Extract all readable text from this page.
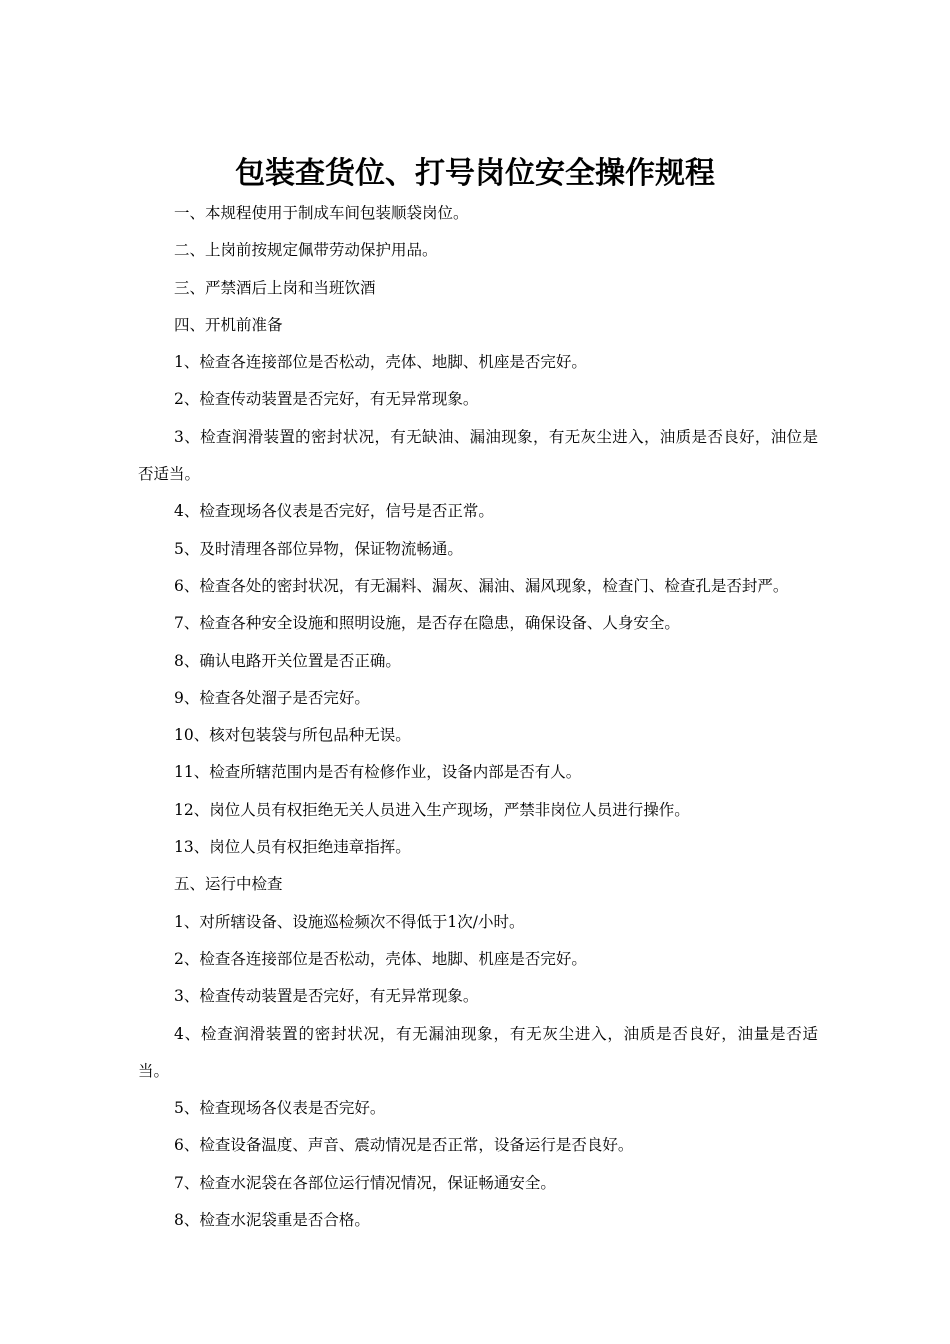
包装查货位、打号岗位安全操作规程

一、本规程使用于制成车间包装顺袋岗位。

二、上岗前按规定佩带劳动保护用品。

三、严禁酒后上岗和当班饮酒

四、开机前准备

1、检查各连接部位是否松动，壳体、地脚、机座是否完好。

2、检查传动装置是否完好，有无异常现象。

3、检查润滑装置的密封状况，有无缺油、漏油现象，有无灰尘进入，油质是否良好，油位是否适当。

4、检查现场各仪表是否完好，信号是否正常。

5、及时清理各部位异物，保证物流畅通。

6、检查各处的密封状况，有无漏料、漏灰、漏油、漏风现象，检查门、检查孔是否封严。

7、检查各种安全设施和照明设施，是否存在隐患，确保设备、人身安全。

8、确认电路开关位置是否正确。

9、检查各处溜子是否完好。

10、核对包装袋与所包品种无误。

11、检查所辖范围内是否有检修作业，设备内部是否有人。

12、岗位人员有权拒绝无关人员进入生产现场，严禁非岗位人员进行操作。

13、岗位人员有权拒绝违章指挥。

五、运行中检查

1、对所辖设备、设施巡检频次不得低于1次/小时。

2、检查各连接部位是否松动，壳体、地脚、机座是否完好。

3、检查传动装置是否完好，有无异常现象。

4、检查润滑装置的密封状况，有无漏油现象，有无灰尘进入，油质是否良好，油量是否适当。

5、检查现场各仪表是否完好。

6、检查设备温度、声音、震动情况是否正常，设备运行是否良好。

7、检查水泥袋在各部位运行情况情况，保证畅通安全。

8、检查水泥袋重是否合格。
